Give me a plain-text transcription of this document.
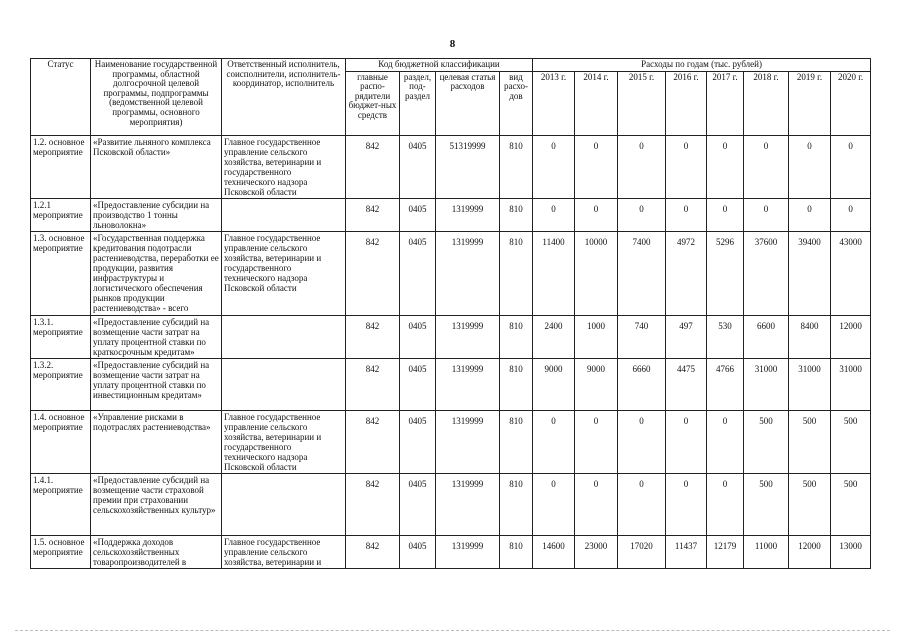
8
Статус	Наименование государственной программы, областной долгосрочной целевой программы, подпрограммы (ведомственной целевой программы, основного мероприятия)	Ответственный исполнитель, соисполнители, исполнитель-координатор, исполнитель	Код бюджетной классификации				Расходы по годам (тыс. рублей)							
			главные распо-рядители бюджет-ных средств	раздел, под-раздел	целевая статья расходов	вид расхо-дов	2013 г.	2014 г.	2015 г.	2016 г.	2017 г.	2018 г.	2019 г.	2020 г.
1.2. основное мероприятие	«Развитие льняного комплекса Псковской области»	Главное государственное управление сельского хозяйства, ветеринарии и государственного технического надзора Псковской области	842	0405	51319999	810	0	0	0	0	0	0	0	0
1.2.1 мероприятие	«Предоставление субсидии на производство 1 тонны льноволокна»		842	0405	1319999	810	0	0	0	0	0	0	0	0
1.3. основное мероприятие	«Государственная поддержка кредитования подотрасли растениеводства, переработки ее продукции, развития инфраструктуры и логистического обеспечения рынков продукции растениеводства» - всего	Главное государственное управление сельского хозяйства, ветеринарии и государственного технического надзора Псковской области	842	0405	1319999	810	11400	10000	7400	4972	5296	37600	39400	43000
1.3.1. мероприятие	«Предоставление субсидий на возмещение части затрат на уплату процентной ставки по краткосрочным кредитам»		842	0405	1319999	810	2400	1000	740	497	530	6600	8400	12000
1.3.2. мероприятие	«Предоставление субсидий на возмещение части затрат на уплату процентной ставки по инвестиционным кредитам»		842	0405	1319999	810	9000	9000	6660	4475	4766	31000	31000	31000
1.4. основное мероприятие	«Управление рисками в подотраслях растениеводства»	Главное государственное управление сельского хозяйства, ветеринарии и государственного технического надзора Псковской области	842	0405	1319999	810	0	0	0	0	0	500	500	500
1.4.1. мероприятие	«Предоставление субсидий на возмещение части страховой премии при страховании сельскохозяйственных культур»		842	0405	1319999	810	0	0	0	0	0	500	500	500
1.5. основное мероприятие	«Поддержка доходов сельскохозяйственных товаропроизводителей в	Главное государственное управление сельского хозяйства, ветеринарии и	842	0405	1319999	810	14600	23000	17020	11437	12179	11000	12000	13000
